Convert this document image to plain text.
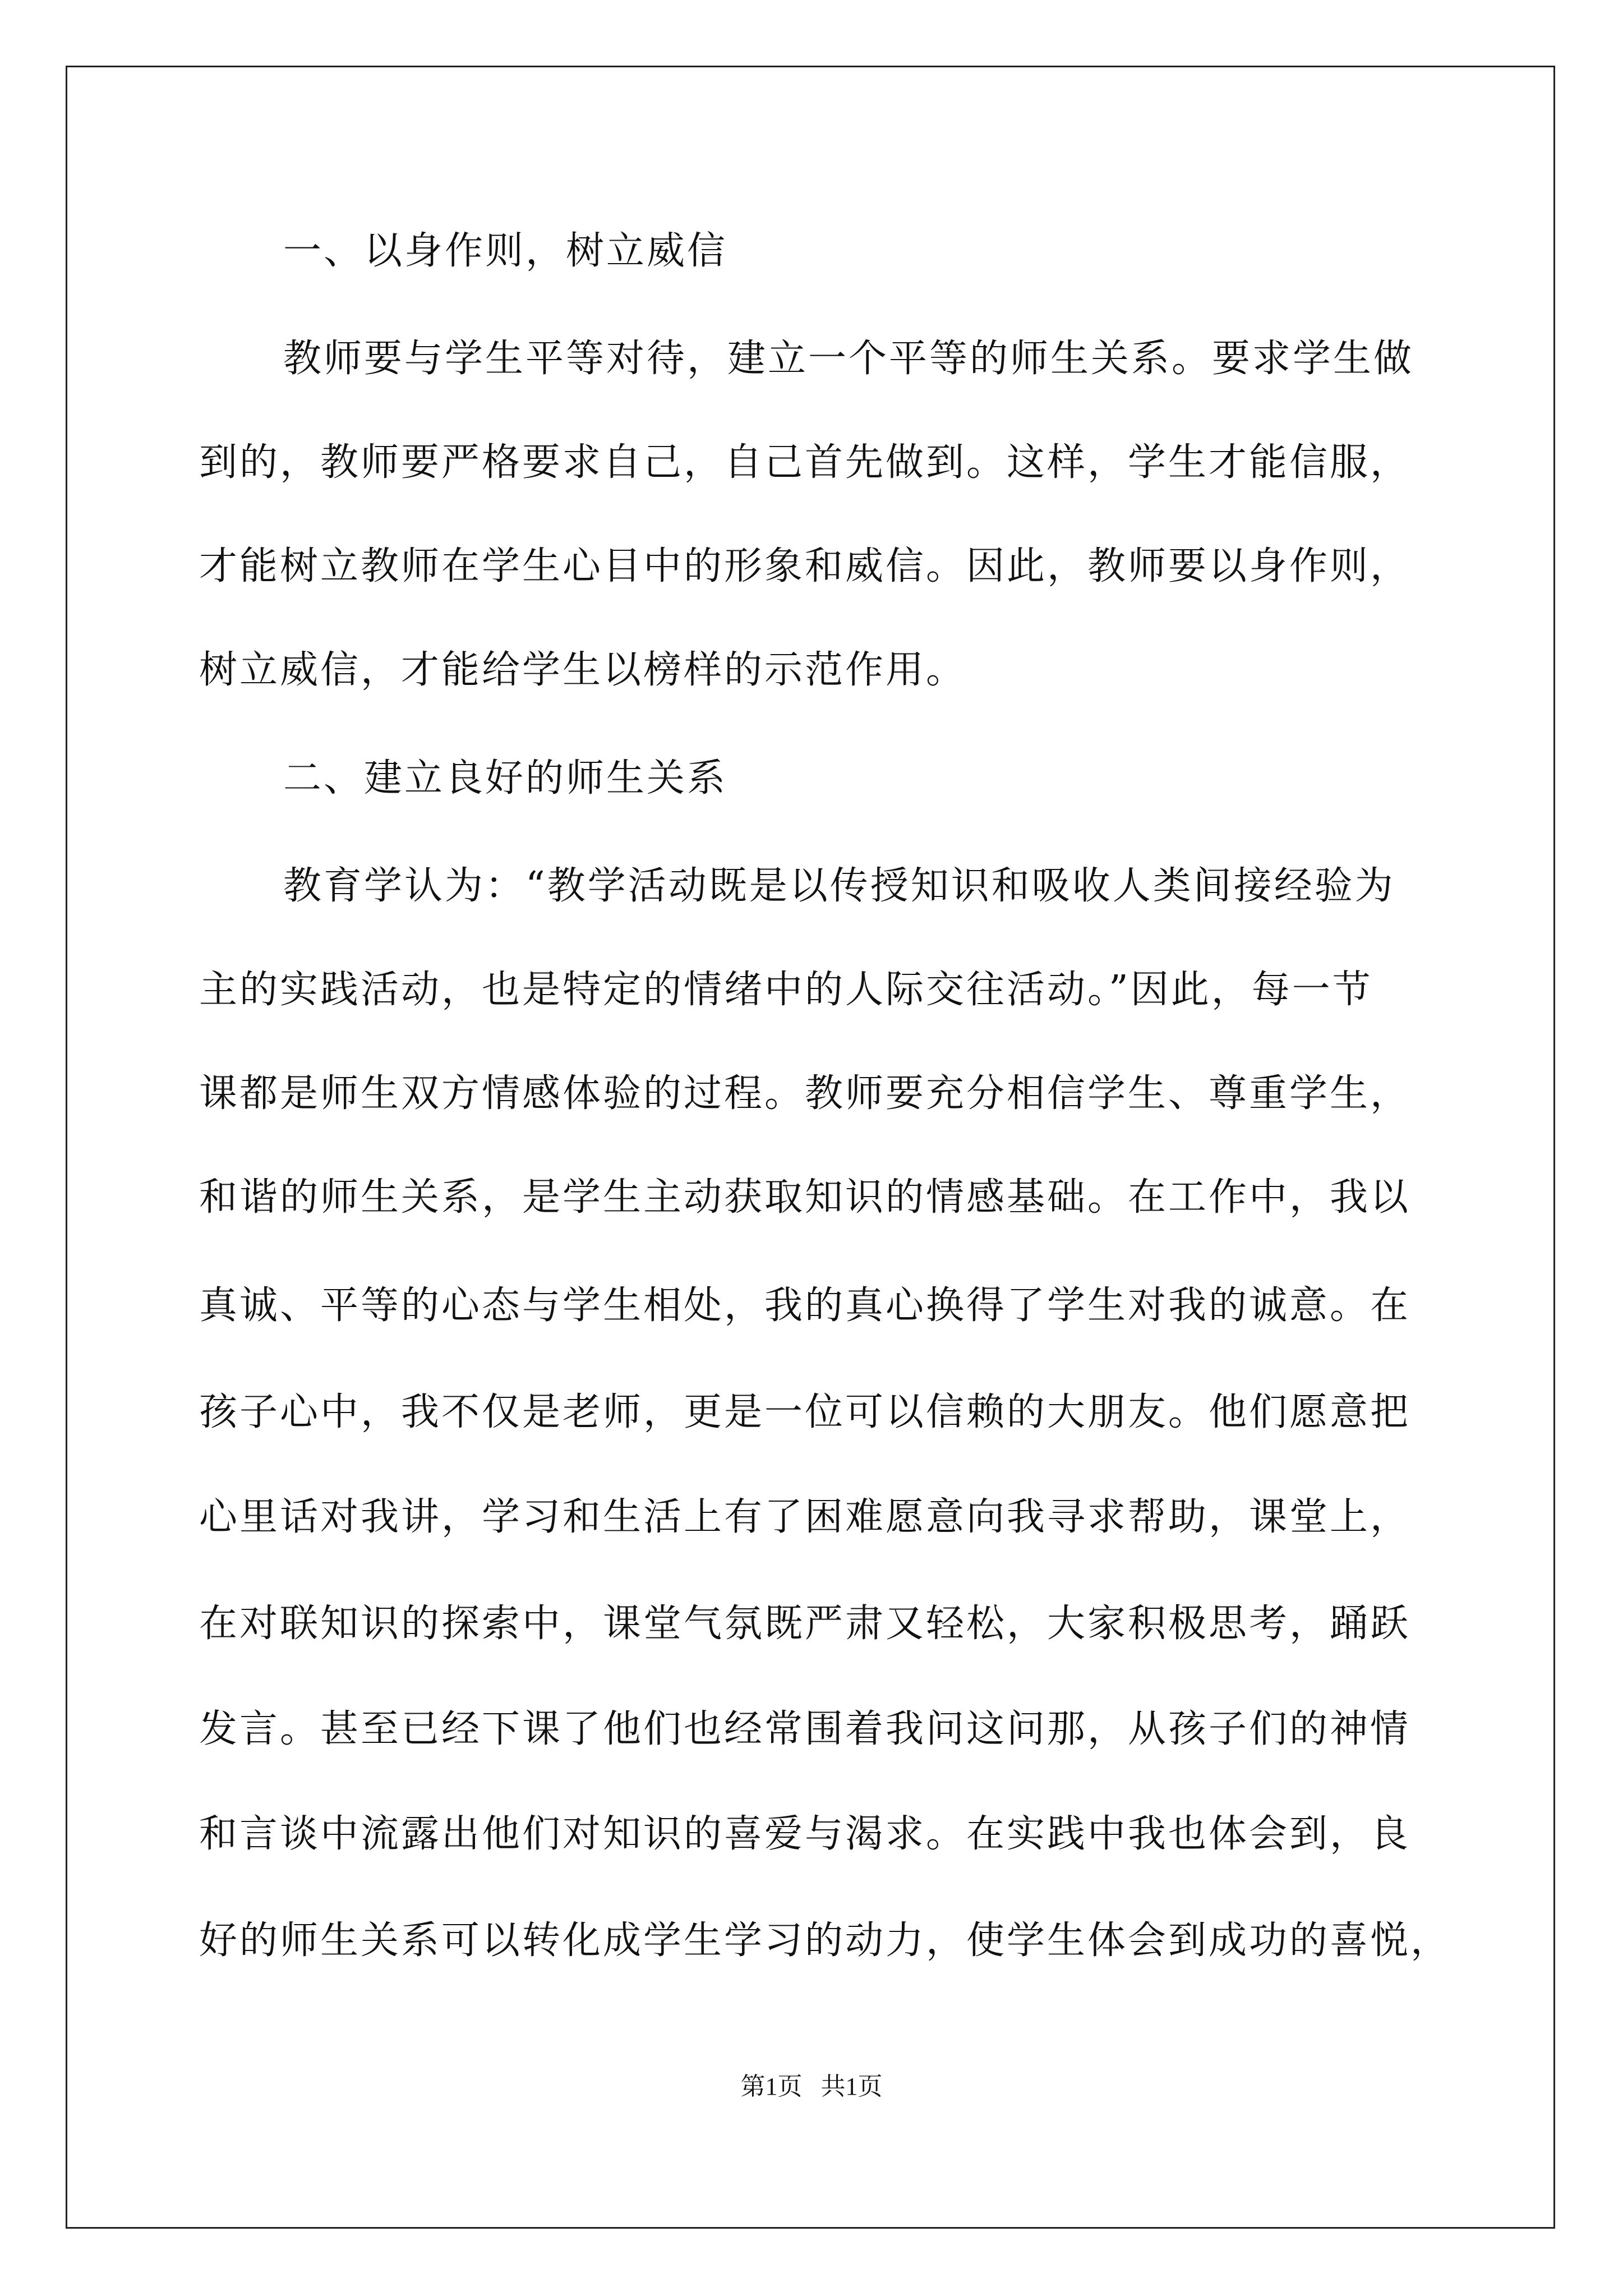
一、以身作则，树立威信
教师要与学生平等对待，建立一个平等的师生关系。要求学生做
到的，教师要严格要求自己，自己首先做到。这样，学生才能信服，
才能树立教师在学生心目中的形象和威信。因此，教师要以身作则，
树立威信，才能给学生以榜样的示范作用。
二、建立良好的师生关系
教育学认为：“教学活动既是以传授知识和吸收人类间接经验为
主的实践活动，也是特定的情绪中的人际交往活动。”因此，每一节
课都是师生双方情感体验的过程。教师要充分相信学生、尊重学生，
和谐的师生关系，是学生主动获取知识的情感基础。在工作中，我以
真诚、平等的心态与学生相处，我的真心换得了学生对我的诚意。在
孩子心中，我不仅是老师，更是一位可以信赖的大朋友。他们愿意把
心里话对我讲，学习和生活上有了困难愿意向我寻求帮助，课堂上，
在对联知识的探索中，课堂气氛既严肃又轻松，大家积极思考，踊跃
发言。甚至已经下课了他们也经常围着我问这问那，从孩子们的神情
和言谈中流露出他们对知识的喜爱与渴求。在实践中我也体会到，良
好的师生关系可以转化成学生学习的动力，使学生体会到成功的喜悦，
第1页   共1页
